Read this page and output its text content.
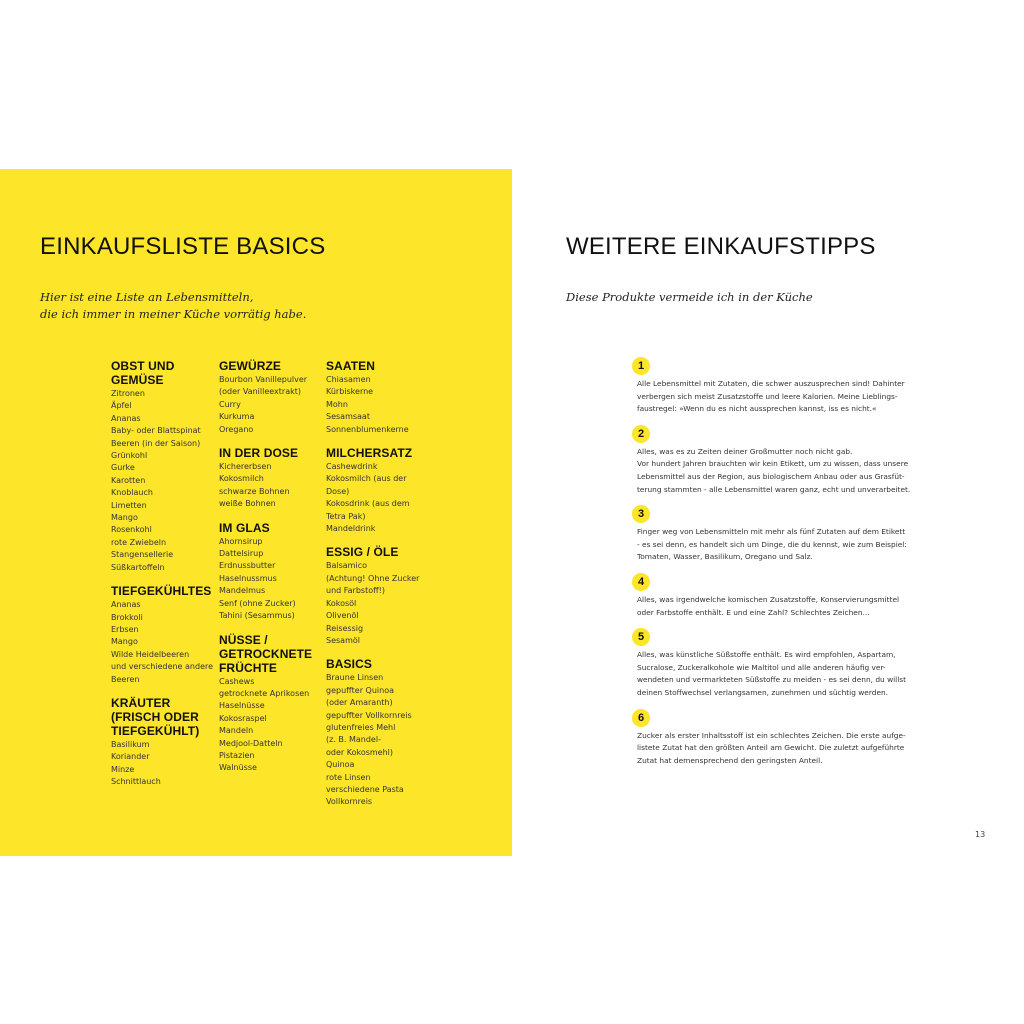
EINKAUFSLISTE BASICS
Hier ist eine Liste an Lebensmitteln,
die ich immer in meiner Küche vorrätig habe.
OBST UND
GEMÜSE
Zitronen
Äpfel
Ananas
Baby- oder Blattspinat
Beeren (in der Saison)
Grünkohl
Gurke
Karotten
Knoblauch
Limetten
Mango
Rosenkohl
rote Zwiebeln
Stangensellerie
Süßkartoffeln
TIEFGEKÜHLTES
Ananas
Brokkoli
Erbsen
Mango
Wilde Heidelbeeren
und verschiedene andere
Beeren
KRÄUTER
(FRISCH ODER
TIEFGEKÜHLT)
Basilikum
Koriander
Minze
Schnittlauch
GEWÜRZE
Bourbon Vanillepulver
(oder Vanilleextrakt)
Curry
Kurkuma
Oregano
IN DER DOSE
Kichererbsen
Kokosmilch
schwarze Bohnen
weiße Bohnen
IM GLAS
Ahornsirup
Dattelsirup
Erdnussbutter
Haselnussmus
Mandelmus
Senf (ohne Zucker)
Tahini (Sesammus)
NÜSSE /
GETROCKNETE
FRÜCHTE
Cashews
getrocknete Aprikosen
Haselnüsse
Kokosraspel
Mandeln
Medjool-Datteln
Pistazien
Walnüsse
SAATEN
Chiasamen
Kürbiskerne
Mohn
Sesamsaat
Sonnenblumenkerne
MILCHERSATZ
Cashewdrink
Kokosmilch (aus der
Dose)
Kokosdrink (aus dem
Tetra Pak)
Mandeldrink
ESSIG / ÖLE
Balsamico
(Achtung! Ohne Zucker
und Farbstoff!)
Kokosöl
Olivenöl
Reisessig
Sesamöl
BASICS
Braune Linsen
gepuffter Quinoa
(oder Amaranth)
gepuffter Vollkornreis
glutenfreies Mehl
(z. B. Mandel-
oder Kokosmehl)
Quinoa
rote Linsen
verschiedene Pasta
Vollkornreis
WEITERE EINKAUFSTIPPS
Diese Produkte vermeide ich in der Küche
1
Alle Lebensmittel mit Zutaten, die schwer auszusprechen sind! Dahinter
verbergen sich meist Zusatzstoffe und leere Kalorien. Meine Lieblings-
faustregel: »Wenn du es nicht aussprechen kannst, iss es nicht.«
2
Alles, was es zu Zeiten deiner Großmutter noch nicht gab.
Vor hundert Jahren brauchten wir kein Etikett, um zu wissen, dass unsere
Lebensmittel aus der Region, aus biologischem Anbau oder aus Grasfüt-
terung stammten - alle Lebensmittel waren ganz, echt und unverarbeitet.
3
Finger weg von Lebensmitteln mit mehr als fünf Zutaten auf dem Etikett
- es sei denn, es handelt sich um Dinge, die du kennst, wie zum Beispiel:
Tomaten, Wasser, Basilikum, Oregano und Salz.
4
Alles, was irgendwelche komischen Zusatzstoffe, Konservierungsmittel
oder Farbstoffe enthält. E und eine Zahl? Schlechtes Zeichen…
5
Alles, was künstliche Süßstoffe enthält. Es wird empfohlen, Aspartam,
Sucralose, Zuckeralkohole wie Maltitol und alle anderen häufig ver-
wendeten und vermarkteten Süßstoffe zu meiden - es sei denn, du willst
deinen Stoffwechsel verlangsamen, zunehmen und süchtig werden.
6
Zucker als erster Inhaltsstoff ist ein schlechtes Zeichen. Die erste aufge-
listete Zutat hat den größten Anteil am Gewicht. Die zuletzt aufgeführte
Zutat hat demensprechend den geringsten Anteil.
13
